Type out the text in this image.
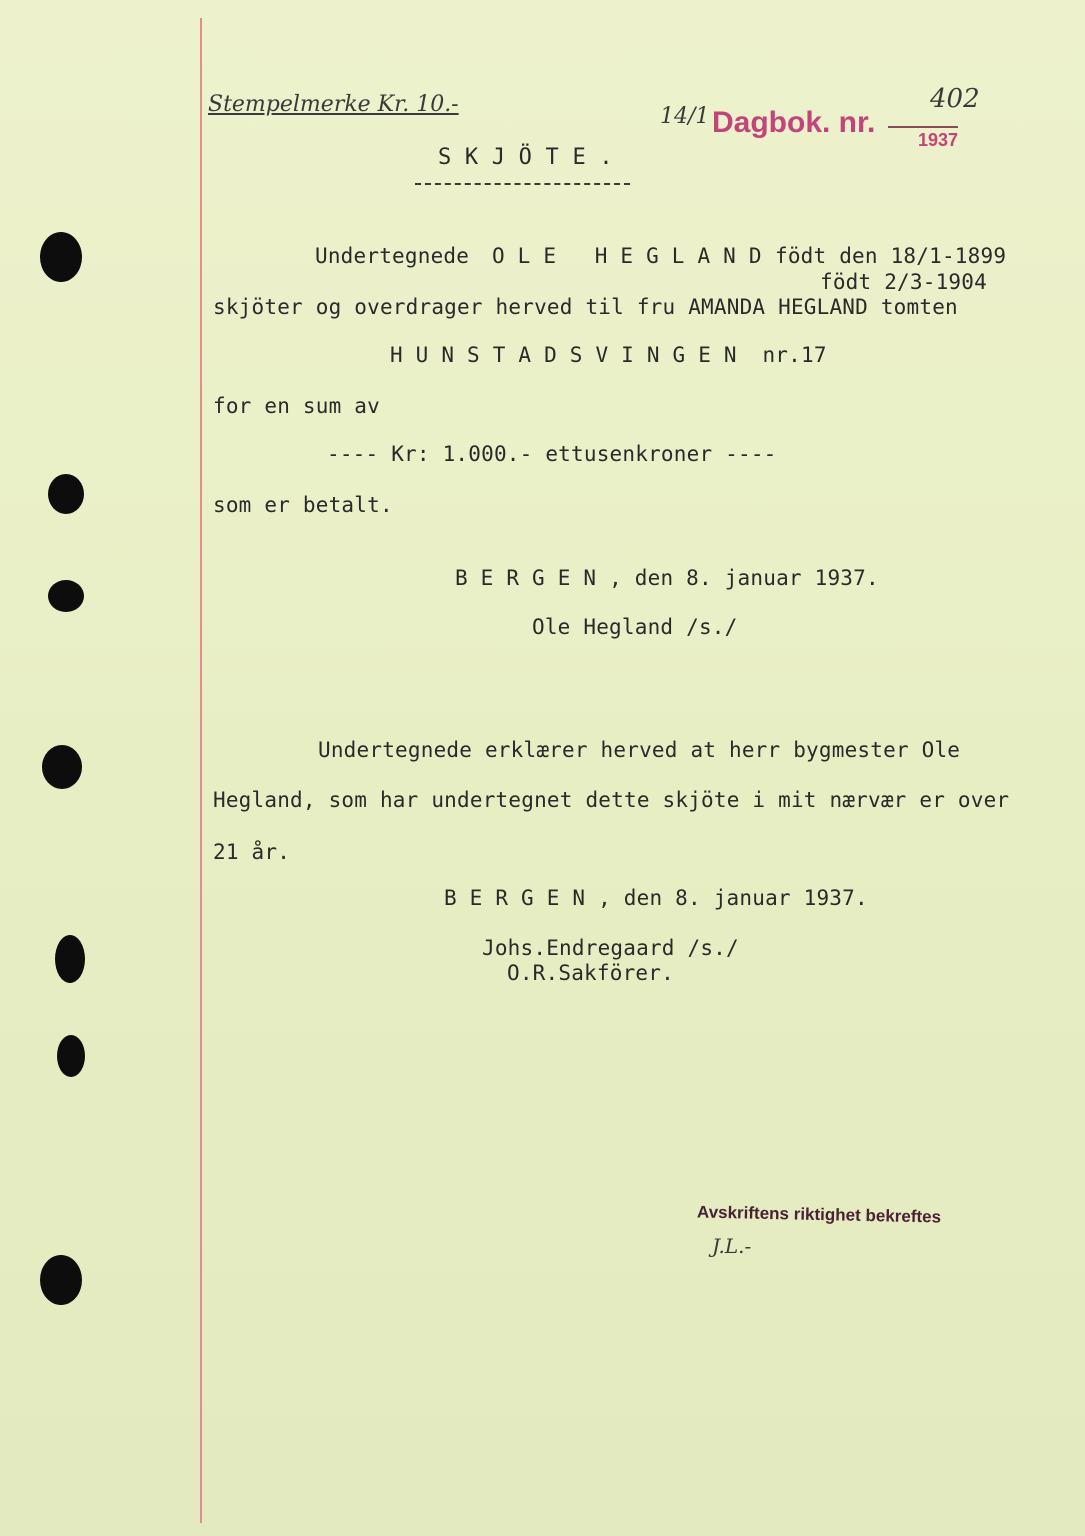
Stempelmerke Kr. 10.-	14/1 Dagbok. nr.
402
1937
S K J Ö T E .
Undertegnede O L E   H E G L A N D födt den 18/1-1899
födt 2/3-1904
skjöter og overdrager herved til fru AMANDA HEGLAND tomten
H U N S T A D S V I N G E N  nr.17
for en sum av
---- Kr: 1.000.- ettusenkroner ----
som er betalt.
B E R G E N , den 8. januar 1937.
Ole Hegland /s./
Undertegnede erklærer herved at herr bygmester Ole
Hegland, som har undertegnet dette skjöte i mit nærvær er over
21 år.
B E R G E N , den 8. januar 1937.
Johs.Endregaard /s./
O.R.Sakförer.
Avskriftens riktighet bekreftes
J.L.-
